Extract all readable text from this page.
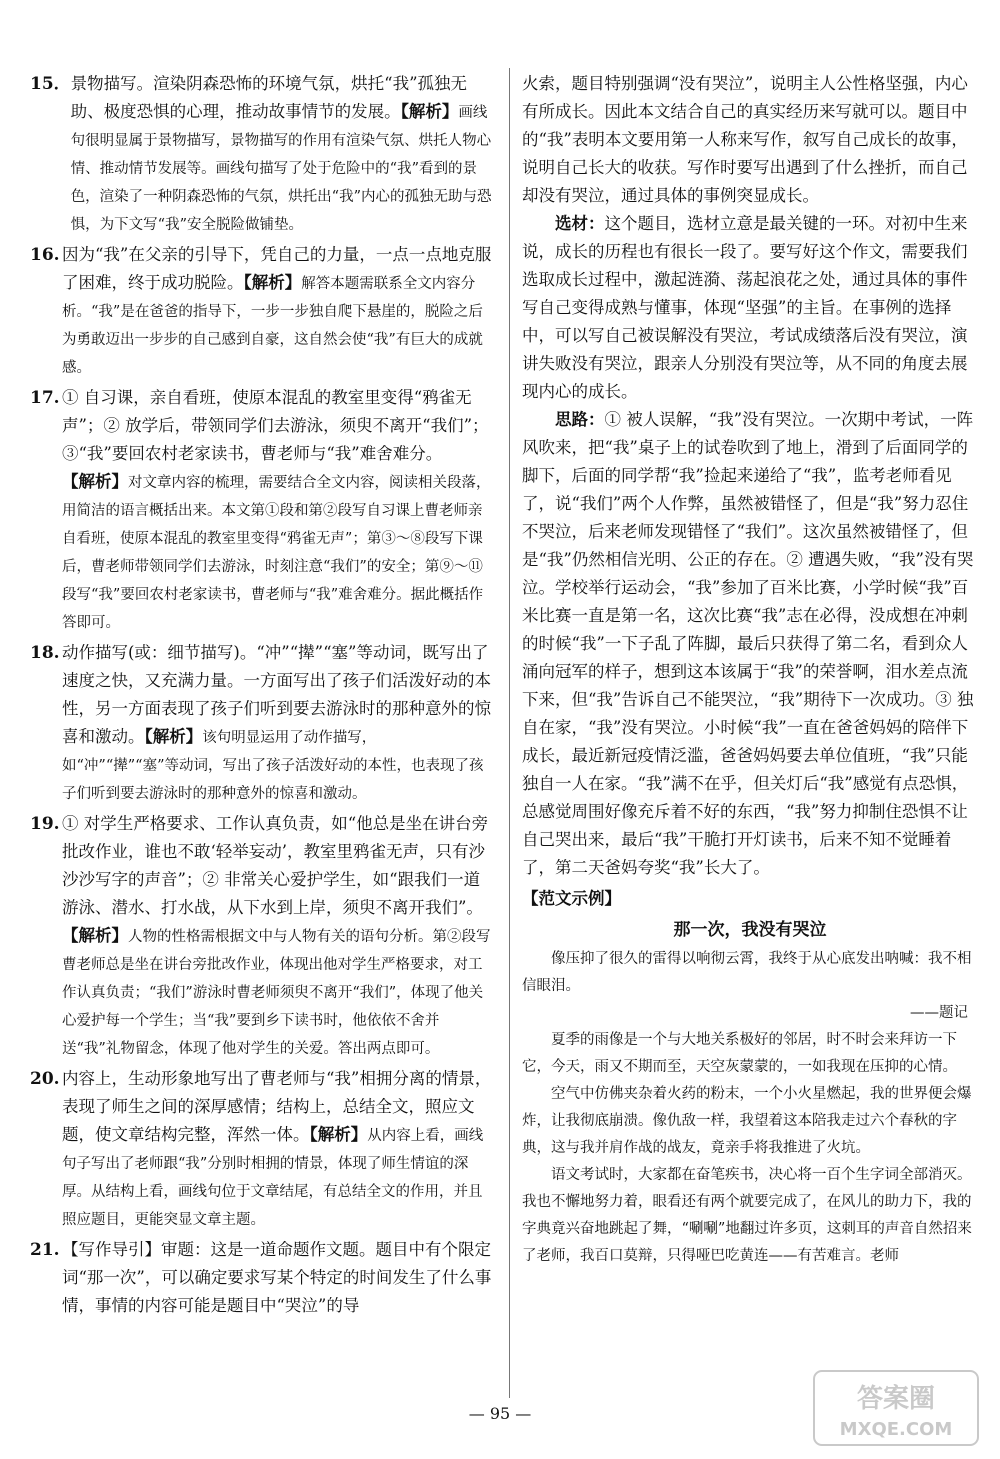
15． 景物描写。渲染阴森恐怖的环境气氛，烘托“我”孤独无助、极度恐惧的心理，推动故事情节的发展。【解析】画线句很明显属于景物描写，景物描写的作用有渲染气氛、烘托人物心情、推动情节发展等。画线句描写了处于危险中的“我”看到的景色，渲染了一种阴森恐怖的气氛，烘托出“我”内心的孤独无助与恐惧，为下文写“我”安全脱险做铺垫。
16. 因为“我”在父亲的引导下，凭自己的力量，一点一点地克服了困难，终于成功脱险。【解析】解答本题需联系全文内容分析。“我”是在爸爸的指导下，一步一步独自爬下悬崖的，脱险之后为勇敢迈出一步步的自己感到自豪，这自然会使“我”有巨大的成就感。
17. ① 自习课，亲自看班，使原本混乱的教室里变得“鸦雀无声”；② 放学后，带领同学们去游泳，须臾不离开“我们”；③“我”要回农村老家读书，曹老师与“我”难舍难分。【解析】对文章内容的梳理，需要结合全文内容，阅读相关段落，用简洁的语言概括出来。本文第①段和第②段写自习课上曹老师亲自看班，使原本混乱的教室里变得“鸦雀无声”；第③～⑧段写下课后，曹老师带领同学们去游泳，时刻注意“我们”的安全；第⑨～⑪段写“我”要回农村老家读书，曹老师与“我”难舍难分。据此概括作答即可。
18. 动作描写(或：细节描写)。“冲”“撵”“塞”等动词，既写出了速度之快，又充满力量。一方面写出了孩子们活泼好动的本性，另一方面表现了孩子们听到要去游泳时的那种意外的惊喜和激动。【解析】该句明显运用了动作描写，如“冲”“撵”“塞”等动词，写出了孩子活泼好动的本性，也表现了孩子们听到要去游泳时的那种意外的惊喜和激动。
19. ① 对学生严格要求、工作认真负责，如“他总是坐在讲台旁批改作业，谁也不敢‘轻举妄动’，教室里鸦雀无声，只有沙沙沙写字的声音”；② 非常关心爱护学生，如“跟我们一道游泳、潜水、打水战，从下水到上岸，须臾不离开我们”。【解析】人物的性格需根据文中与人物有关的语句分析。第②段写曹老师总是坐在讲台旁批改作业，体现出他对学生严格要求，对工作认真负责；“我们”游泳时曹老师须臾不离开“我们”，体现了他关心爱护每一个学生；当“我”要到乡下读书时，他依依不舍并送“我”礼物留念，体现了他对学生的关爱。答出两点即可。
20. 内容上，生动形象地写出了曹老师与“我”相拥分离的情景，表现了师生之间的深厚感情；结构上，总结全文，照应文题，使文章结构完整，浑然一体。【解析】从内容上看，画线句子写出了老师跟“我”分别时相拥的情景，体现了师生情谊的深厚。从结构上看，画线句位于文章结尾，有总结全文的作用，并且照应题目，更能突显文章主题。
21. 【写作导引】审题：这是一道命题作文题。题目中有个限定词“那一次”，可以确定要求写某个特定的时间发生了什么事情，事情的内容可能是题目中“哭泣”的导

火索，题目特别强调“没有哭泣”，说明主人公性格坚强，内心有所成长。因此本文结合自己的真实经历来写就可以。题目中的“我”表明本文要用第一人称来写作，叙写自己成长的故事，说明自己长大的收获。写作时要写出遇到了什么挫折，而自己却没有哭泣，通过具体的事例突显成长。

选材：这个题目，选材立意是最关键的一环。对初中生来说，成长的历程也有很长一段了。要写好这个作文，需要我们选取成长过程中，激起涟漪、荡起浪花之处，通过具体的事件写自己变得成熟与懂事，体现“坚强”的主旨。在事例的选择中，可以写自己被误解没有哭泣，考试成绩落后没有哭泣，演讲失败没有哭泣，跟亲人分别没有哭泣等，从不同的角度去展现内心的成长。

思路：① 被人误解，“我”没有哭泣。一次期中考试，一阵风吹来，把“我”桌子上的试卷吹到了地上，滑到了后面同学的脚下，后面的同学帮“我”捡起来递给了“我”，监考老师看见了，说“我们”两个人作弊，虽然被错怪了，但是“我”努力忍住不哭泣，后来老师发现错怪了“我们”。这次虽然被错怪了，但是“我”仍然相信光明、公正的存在。② 遭遇失败，“我”没有哭泣。学校举行运动会，“我”参加了百米比赛，小学时候“我”百米比赛一直是第一名，这次比赛“我”志在必得，没成想在冲刺的时候“我”一下子乱了阵脚，最后只获得了第二名，看到众人涌向冠军的样子，想到这本该属于“我”的荣誉啊，泪水差点流下来，但“我”告诉自己不能哭泣，“我”期待下一次成功。③ 独自在家，“我”没有哭泣。小时候“我”一直在爸爸妈妈的陪伴下成长，最近新冠疫情泛滥，爸爸妈妈要去单位值班，“我”只能独自一人在家。“我”满不在乎，但关灯后“我”感觉有点恐惧，总感觉周围好像充斥着不好的东西，“我”努力抑制住恐惧不让自己哭出来，最后“我”干脆打开灯读书，后来不知不觉睡着了，第二天爸妈夸奖“我”长大了。

【范文示例】
那一次，我没有哭泣

像压抑了很久的雷得以响彻云霄，我终于从心底发出呐喊：我不相信眼泪。

——题记

夏季的雨像是一个与大地关系极好的邻居，时不时会来拜访一下它，今天，雨又不期而至，天空灰蒙蒙的，一如我现在压抑的心情。

空气中仿佛夹杂着火药的粉末，一个小火星燃起，我的世界便会爆炸，让我彻底崩溃。像仇敌一样，我望着这本陪我走过六个春秋的字典，这与我并肩作战的战友，竟亲手将我推进了火坑。

语文考试时，大家都在奋笔疾书，决心将一百个生字词全部消灭。我也不懈地努力着，眼看还有两个就要完成了，在风儿的助力下，我的字典竟兴奋地跳起了舞，“唰唰”地翻过许多页，这刺耳的声音自然招来了老师，我百口莫辩，只得哑巴吃黄连——有苦难言。老师

— 95 —	答案圈
MXQE.COM
